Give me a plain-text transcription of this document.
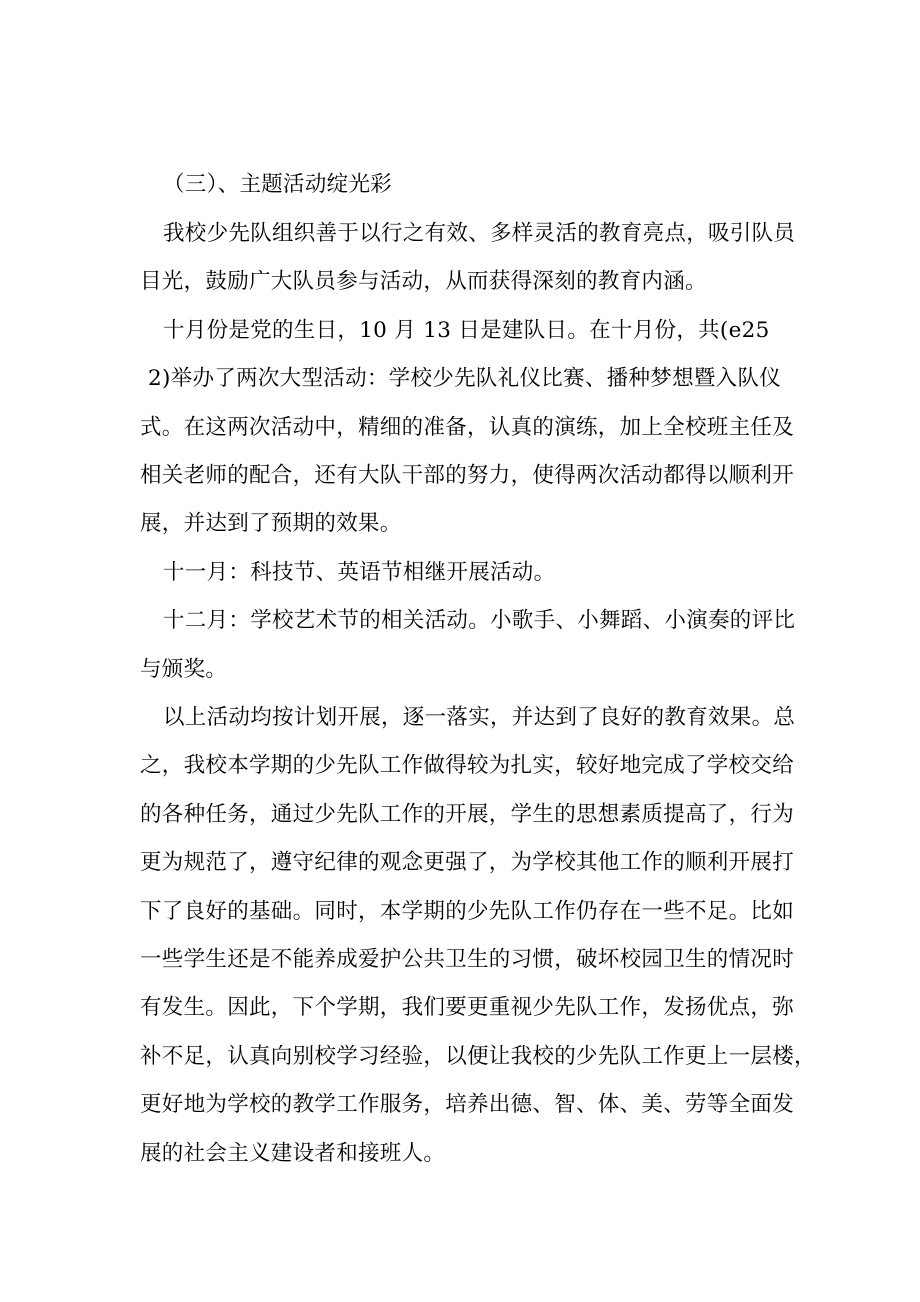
（三）、主题活动绽光彩
我校少先队组织善于以行之有效、多样灵活的教育亮点，吸引队员
目光，鼓励广大队员参与活动，从而获得深刻的教育内涵。
十月份是党的生日，10 月 13 日是建队日。在十月份，共(e25
2)举办了两次大型活动：学校少先队礼仪比赛、播种梦想暨入队仪
式。在这两次活动中，精细的准备，认真的演练，加上全校班主任及
相关老师的配合，还有大队干部的努力，使得两次活动都得以顺利开
展，并达到了预期的效果。
十一月：科技节、英语节相继开展活动。
十二月：学校艺术节的相关活动。小歌手、小舞蹈、小演奏的评比
与颁奖。
以上活动均按计划开展，逐一落实，并达到了良好的教育效果。总
之，我校本学期的少先队工作做得较为扎实，较好地完成了学校交给
的各种任务，通过少先队工作的开展，学生的思想素质提高了，行为
更为规范了，遵守纪律的观念更强了，为学校其他工作的顺利开展打
下了良好的基础。同时，本学期的少先队工作仍存在一些不足。比如
一些学生还是不能养成爱护公共卫生的习惯，破坏校园卫生的情况时
有发生。因此，下个学期，我们要更重视少先队工作，发扬优点，弥
补不足，认真向别校学习经验，以便让我校的少先队工作更上一层楼，
更好地为学校的教学工作服务，培养出德、智、体、美、劳等全面发
展的社会主义建设者和接班人。
